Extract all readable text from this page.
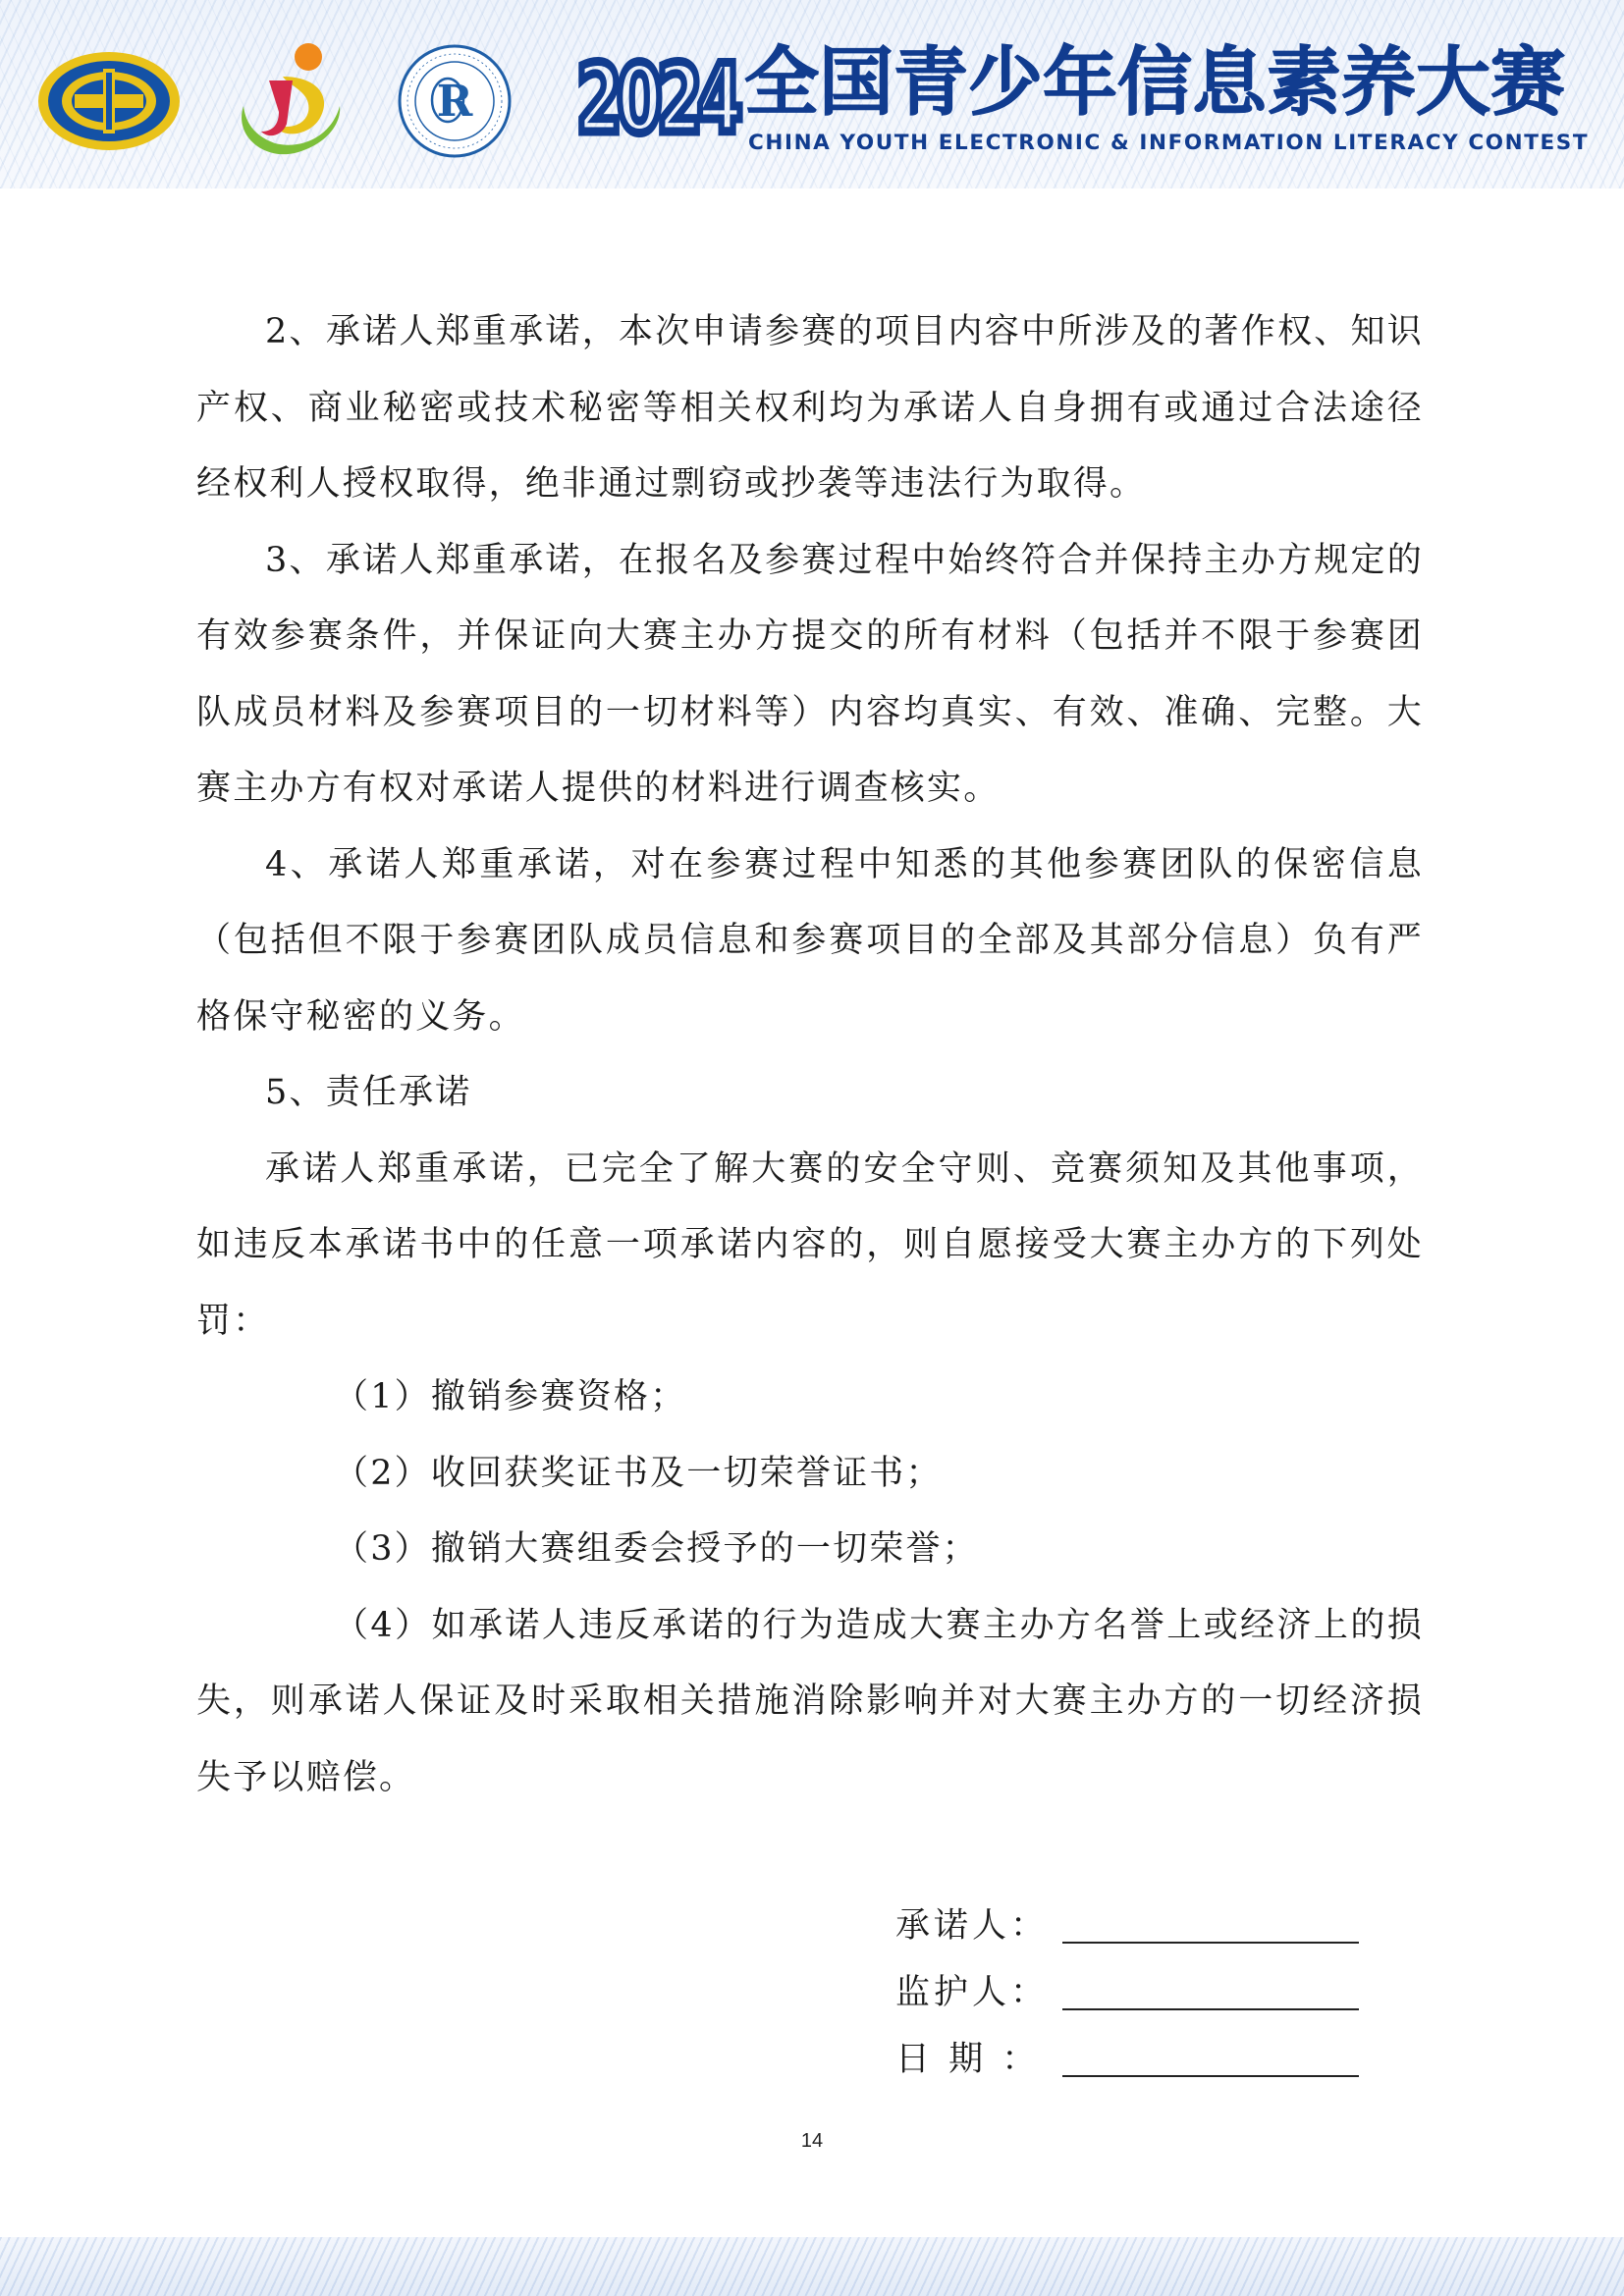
R 2024 全国青少年信息素养大赛
CHINA YOUTH ELECTRONIC & INFORMATION LITERACY CONTEST

2、承诺人郑重承诺，本次申请参赛的项目内容中所涉及的著作权、知识产权、商业秘密或技术秘密等相关权利均为承诺人自身拥有或通过合法途径经权利人授权取得，绝非通过剽窃或抄袭等违法行为取得。

3、承诺人郑重承诺，在报名及参赛过程中始终符合并保持主办方规定的有效参赛条件，并保证向大赛主办方提交的所有材料（包括并不限于参赛团队成员材料及参赛项目的一切材料等）内容均真实、有效、准确、完整。大赛主办方有权对承诺人提供的材料进行调查核实。

4、承诺人郑重承诺，对在参赛过程中知悉的其他参赛团队的保密信息（包括但不限于参赛团队成员信息和参赛项目的全部及其部分信息）负有严格保守秘密的义务。

5、责任承诺

承诺人郑重承诺，已完全了解大赛的安全守则、竞赛须知及其他事项，如违反本承诺书中的任意一项承诺内容的，则自愿接受大赛主办方的下列处罚：

（1）撤销参赛资格；

（2）收回获奖证书及一切荣誉证书；

（3）撤销大赛组委会授予的一切荣誉；

（4）如承诺人违反承诺的行为造成大赛主办方名誉上或经济上的损失，则承诺人保证及时采取相关措施消除影响并对大赛主办方的一切经济损失予以赔偿。

承诺人：
监护人：
日 期 ：
14
